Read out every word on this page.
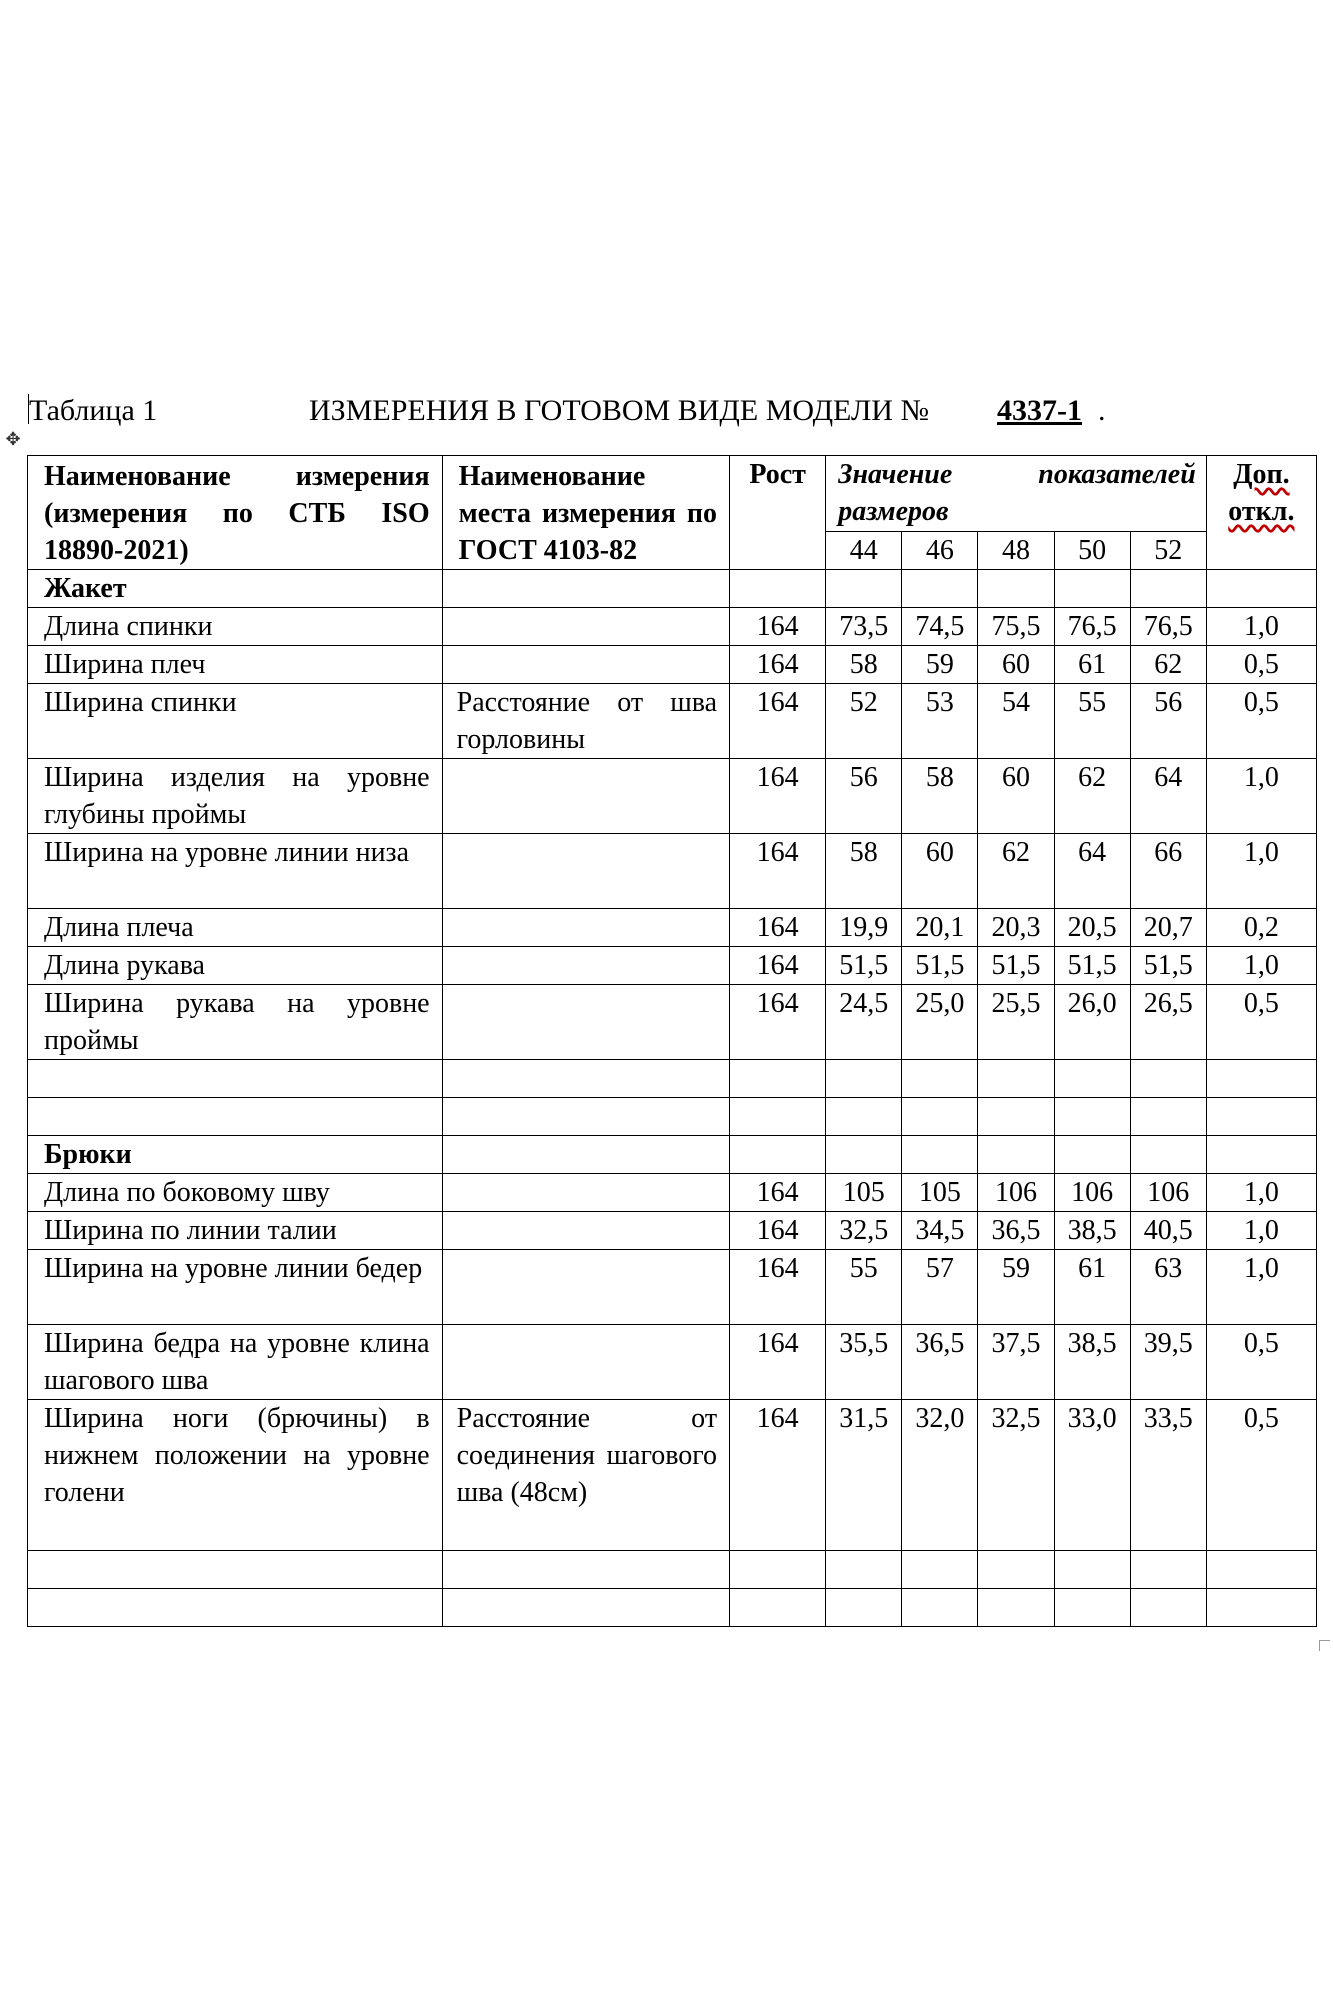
Таблица 1	ИЗМЕРЕНИЯ В ГОТОВОМ ВИДЕ МОДЕЛИ № 4337-1 .
✥
Наименование измерения (измерения по СТБ ISO 18890-2021)	Наименование места измерения по ГОСТ 4103-82	Рост	Значение показателей размеров					Доп. откл.
			44	46	48	50	52	
Жакет								
Длина спинки		164	73,5	74,5	75,5	76,5	76,5	1,0
Ширина плеч		164	58	59	60	61	62	0,5
Ширина спинки	Расстояние от шва горловины	164	52	53	54	55	56	0,5
Ширина изделия на уровне глубины проймы		164	56	58	60	62	64	1,0
Ширина на уровне линии низа		164	58	60	62	64	66	1,0
Длина плеча		164	19,9	20,1	20,3	20,5	20,7	0,2
Длина рукава		164	51,5	51,5	51,5	51,5	51,5	1,0
Ширина рукава на уровне проймы		164	24,5	25,0	25,5	26,0	26,5	0,5

Брюки								
Длина по боковому шву		164	105	105	106	106	106	1,0
Ширина по линии талии		164	32,5	34,5	36,5	38,5	40,5	1,0
Ширина на уровне линии бедер		164	55	57	59	61	63	1,0
Ширина бедра на уровне клина шагового шва		164	35,5	36,5	37,5	38,5	39,5	0,5
Ширина ноги (брючины) в нижнем положении на уровне голени	Расстояние от соединения шагового шва (48см)	164	31,5	32,0	32,5	33,0	33,5	0,5
